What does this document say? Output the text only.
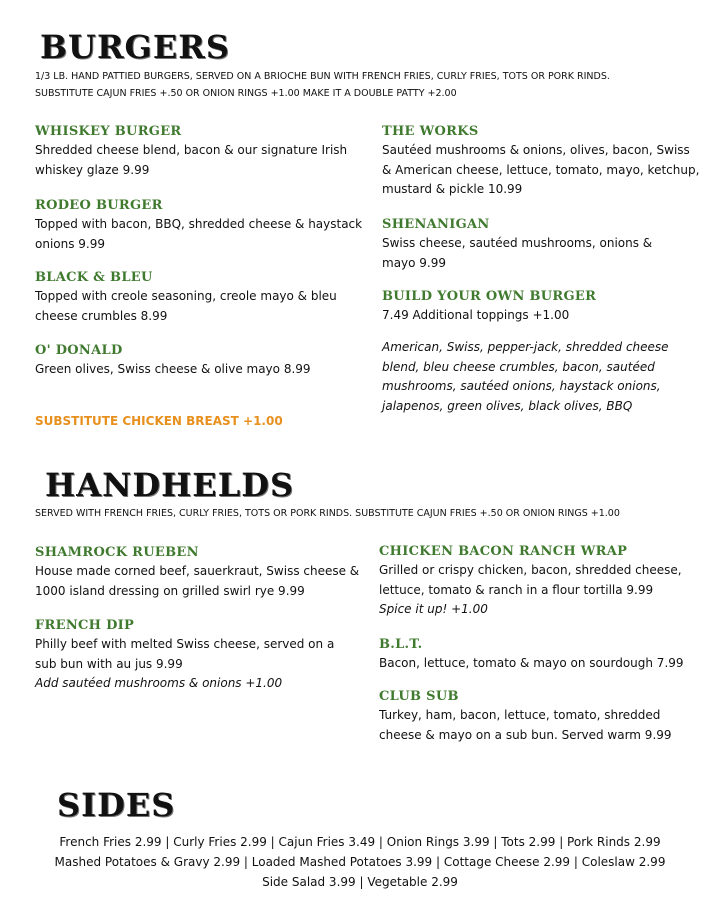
BURGERS

1/3 LB. HAND PATTIED BURGERS, SERVED ON A BRIOCHE BUN WITH FRENCH FRIES, CURLY FRIES, TOTS OR PORK RINDS.

SUBSTITUTE CAJUN FRIES +.50 OR ONION RINGS +1.00 MAKE IT A DOUBLE PATTY +2.00

WHISKEY BURGER

Shredded cheese blend, bacon & our signature Irish whiskey glaze 9.99

RODEO BURGER

Topped with bacon, BBQ, shredded cheese & haystack onions 9.99

BLACK & BLEU

Topped with creole seasoning, creole mayo & bleu cheese crumbles 8.99

O' DONALD

Green olives, Swiss cheese & olive mayo 8.99

THE WORKS

Sautéed mushrooms & onions, olives, bacon, Swiss & American cheese, lettuce, tomato, mayo, ketchup, mustard & pickle 10.99

SHENANIGAN

Swiss cheese, sautéed mushrooms, onions & mayo 9.99

BUILD YOUR OWN BURGER

7.49 Additional toppings +1.00

American, Swiss, pepper-jack, shredded cheese blend, bleu cheese crumbles, bacon, sautéed mushrooms, sautéed onions, haystack onions, jalapenos, green olives, black olives, BBQ

SUBSTITUTE CHICKEN BREAST +1.00

HANDHELDS

SERVED WITH FRENCH FRIES, CURLY FRIES, TOTS OR PORK RINDS. SUBSTITUTE CAJUN FRIES +.50 OR ONION RINGS +1.00

SHAMROCK RUEBEN

House made corned beef, sauerkraut, Swiss cheese & 1000 island dressing on grilled swirl rye 9.99

FRENCH DIP

Philly beef with melted Swiss cheese, served on a sub bun with au jus 9.99

Add sautéed mushrooms & onions +1.00

CHICKEN BACON RANCH WRAP

Grilled or crispy chicken, bacon, shredded cheese, lettuce, tomato & ranch in a flour tortilla 9.99

Spice it up! +1.00

B.L.T.

Bacon, lettuce, tomato & mayo on sourdough 7.99

CLUB SUB

Turkey, ham, bacon, lettuce, tomato, shredded cheese & mayo on a sub bun. Served warm 9.99

SIDES

French Fries 2.99 | Curly Fries 2.99 | Cajun Fries 3.49 | Onion Rings 3.99 | Tots 2.99 | Pork Rinds 2.99

Mashed Potatoes & Gravy 2.99 | Loaded Mashed Potatoes 3.99 | Cottage Cheese 2.99 | Coleslaw 2.99

Side Salad 3.99 | Vegetable 2.99
